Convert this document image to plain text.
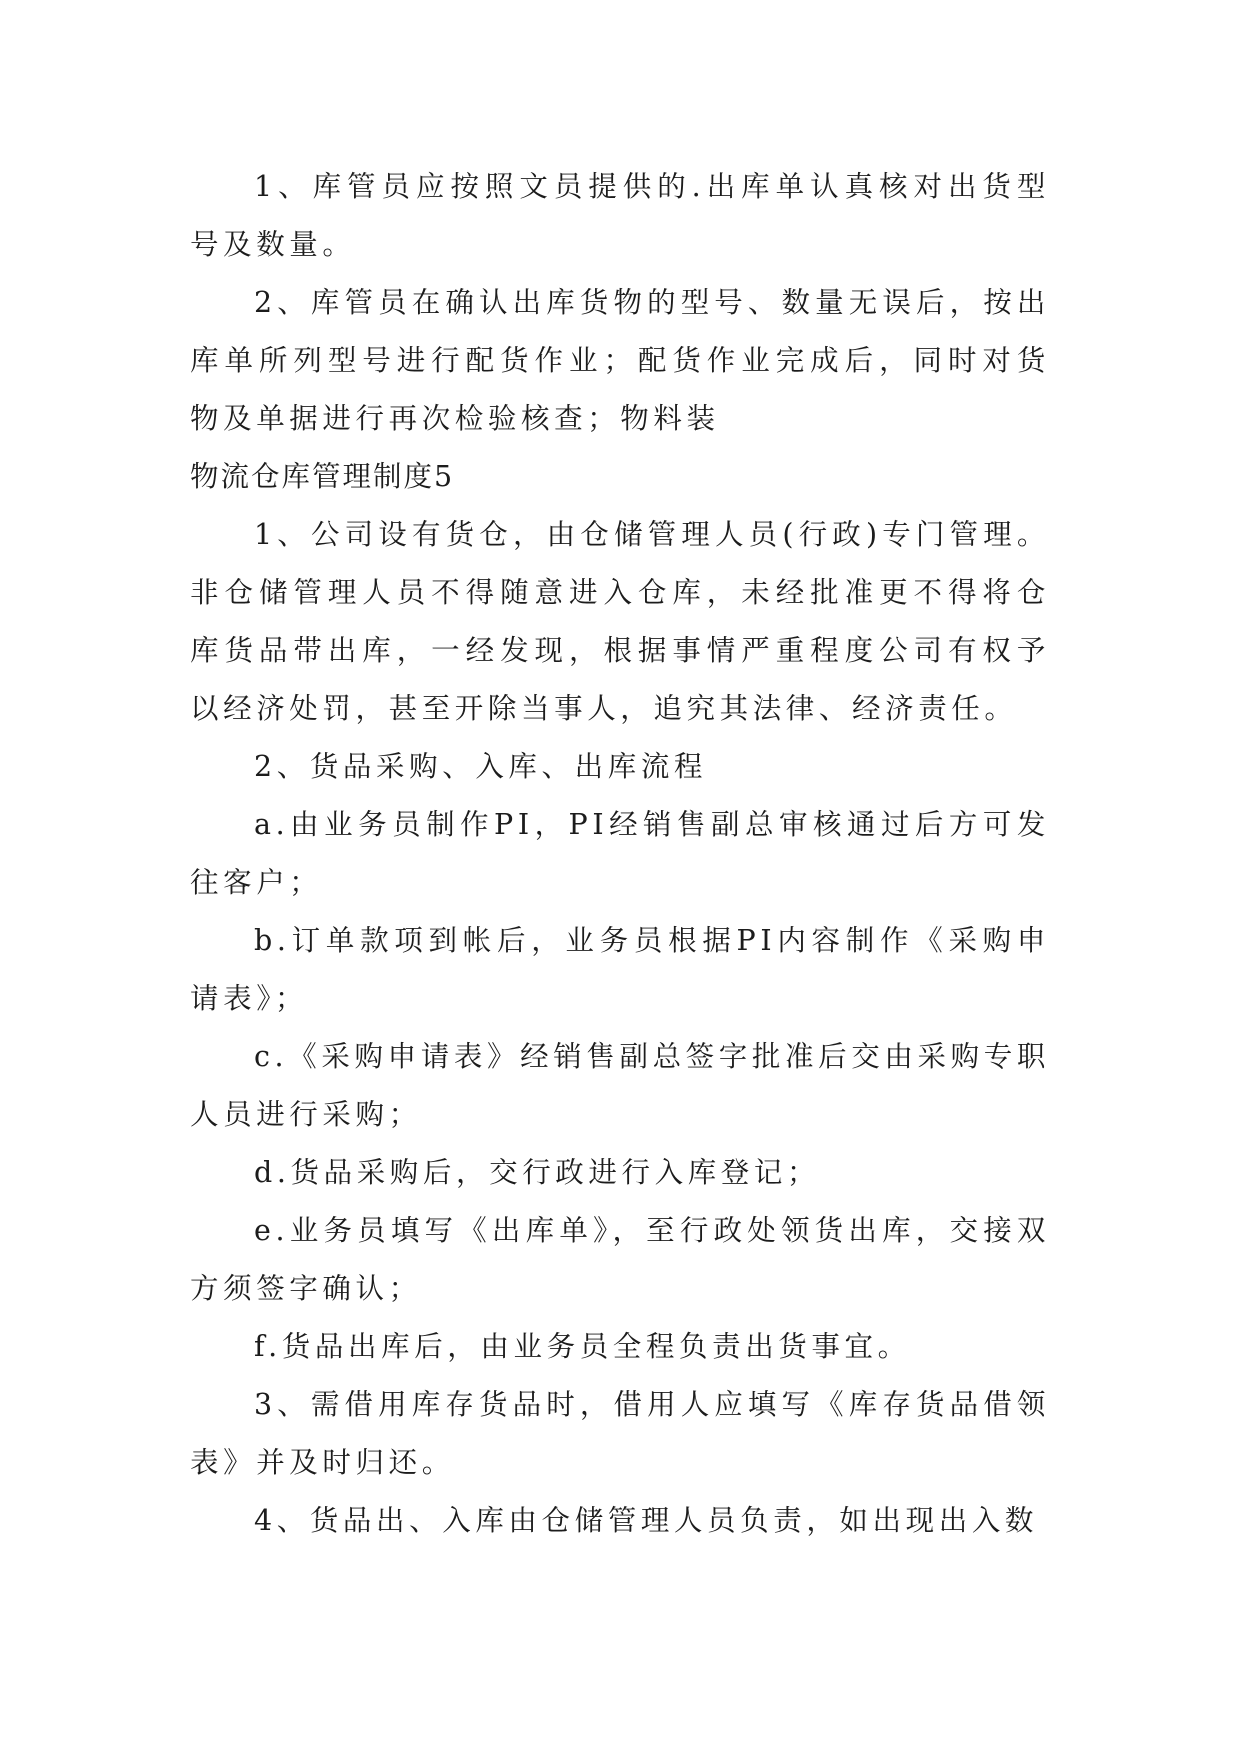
1、库管员应按照文员提供的.出库单认真核对出货型号及数量。

2、库管员在确认出库货物的型号、数量无误后，按出库单所列型号进行配货作业；配货作业完成后，同时对货物及单据进行再次检验核查；物料装

物流仓库管理制度5

1、公司设有货仓，由仓储管理人员(行政)专门管理。非仓储管理人员不得随意进入仓库，未经批准更不得将仓库货品带出库，一经发现，根据事情严重程度公司有权予以经济处罚，甚至开除当事人，追究其法律、经济责任。

2、货品采购、入库、出库流程

a.由业务员制作PI，PI经销售副总审核通过后方可发往客户；

b.订单款项到帐后，业务员根据PI内容制作《采购申请表》；

c.《采购申请表》经销售副总签字批准后交由采购专职人员进行采购；

d.货品采购后，交行政进行入库登记；

e.业务员填写《出库单》，至行政处领货出库，交接双方须签字确认；

f.货品出库后，由业务员全程负责出货事宜。

3、需借用库存货品时，借用人应填写《库存货品借领表》并及时归还。

4、货品出、入库由仓储管理人员负责，如出现出入数
